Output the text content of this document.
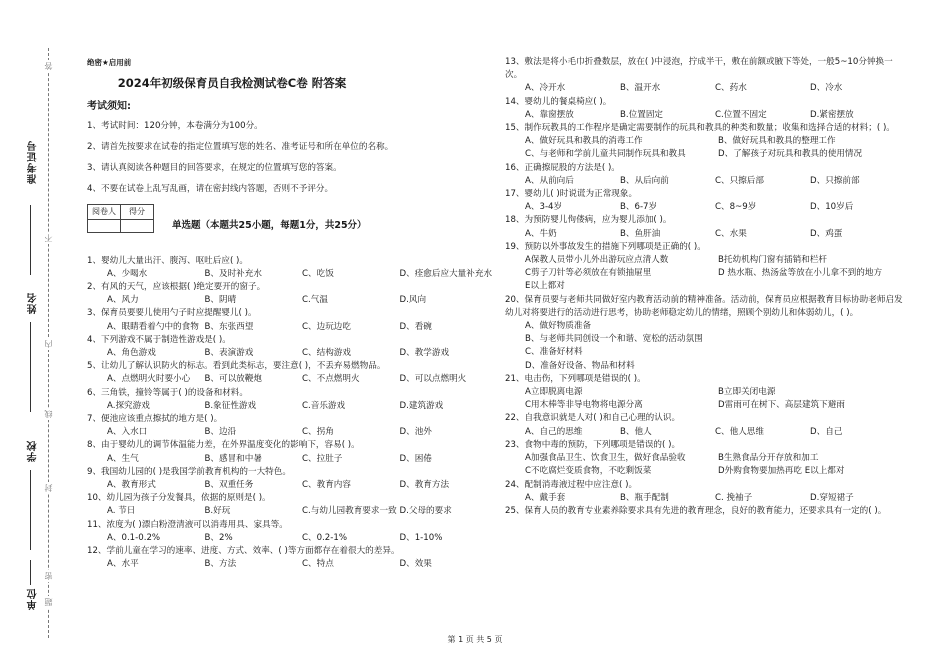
准考证号
姓名
学校
单位
答
不
内
线
封
密
题
绝密★启用前
2024年初级保育员自我检测试卷C卷 附答案
考试须知:

1、考试时间：120分钟，本卷满分为100分。

2、请首先按要求在试卷的指定位置填写您的姓名、准考证号和所在单位的名称。

3、请认真阅读各种题目的回答要求，在规定的位置填写您的答案。

4、不要在试卷上乱写乱画，请在密封线内答题，否则不予评分。

阅卷人	得分

单选题（本题共25小题，每题1分，共25分）

1、婴幼儿大量出汗、腹泻、呕吐后应( )。

A、少喝水	B、及时补充水	C、吃饭	D、痊愈后应大量补充水

2、有风的天气，应该根据( )绝定要开的窗子。

A、风力	B、阴晴	C.气温	D.风向

3、保育员要要儿使用勺子时应提醒婴儿( )。

A、眼睛看着勺中的食物 B、东张西望	C、边玩边吃	D、看碗

4、下列游戏不属于制造性游戏是( )。

A、角色游戏	B、表演游戏	C、结构游戏	D、教学游戏

5、让幼儿了解认识防火的标志。看到此类标志，要注意( )，不丢弃易燃物品。

A、点燃明火时要小心	B、可以放鞭炮	C、不点燃明火	D、可以点燃明火

6、三角铁，撞铃等属于( )的设备和材料。

A.探究游戏	B.象征性游戏	C.音乐游戏	D.建筑游戏

7、便池应该重点擦拭的地方是( )。

A、入水口	B、边沿	C、拐角	D、池外

8、由于婴幼儿的调节体温能力差，在外界温度变化的影响下，容易( )。

A、生气	B、感冒和中暑	C、拉肚子	D、困倦

9、我国幼儿园的( )是我国学前教育机构的一大特色。

A、教育形式	B、双重任务	C、教育内容	D、教育方法

10、幼儿园为孩子分发餐具，依据的原则是( )。

A. 节日	B.好玩	C.与幼儿园教育要求一致 D.父母的要求

11、浓度为( )漂白粉澄清液可以消毒用具、家具等。

A、0.1-0.2%	B、2%	C、0.2-1%	D、1-10%

12、学前儿童在学习的速率、进度、方式、效率、( )等方面都存在着很大的差异。

A、水平	B、方法	C、特点	D、效果

13、敷法是将小毛巾折叠数层，放在( )中浸泡，拧成半干，敷在前额或腋下等处，一般5~10分钟换一次。

A、冷开水	B、温开水	C、药水	D、冷水

14、婴幼儿的餐桌椅应( )。

A、靠窗摆放	B.位置固定	C.位置不固定	D.紧密摆放

15、制作玩教具的工作程序是确定需要制作的玩具和教具的种类和数量；收集和选择合适的材料；( )。

A、做好玩具和教具的消毒工作	B、做好玩具和教具的整理工作
C、与老师和学前儿童共同制作玩具和教具	D、了解孩子对玩具和教具的使用情况

16、正确擦屁股的方法是( )。

A、从前向后	B、从后向前	C、只擦后部	D、只擦前部

17、婴幼儿( )时说谎为正常现象。

A、3-4岁	B、6-7岁	C、8~9岁	D、10岁后

18、为预防婴儿佝偻病，应为婴儿添加( )。

A、牛奶	B、鱼肝油	C、水果	D、鸡蛋

19、预防以外事故发生的措施下列哪项是正确的( )。

A保教人员带小儿外出游玩应点清人数	B托幼机构门窗有插销和栏杆
C剪子刀针等必须放在有锁抽屉里	D 热水瓶、热汤盆等放在小儿拿不到的地方
E以上都对

20、保育员要与老师共同做好室内教育活动前的精神准备。活动前，保育员应根据教育目标协助老师启发幼儿对将要进行的活动进行思考，协助老师稳定幼儿的情绪，照顾个别幼儿和体弱幼儿，( )。

A、做好物质准备
B、与老师共同创设一个和谐、宽松的活动氛围
C、准备好材料
D、准备好设备、物品和材料

21、电击伤，下列哪项是错误的( )。

A立即脱离电源	B立即关闭电源
C用木棒等非导电物将电源分离	D雷雨可在树下、高层建筑下避雨

22、自我意识就是人对( )和自己心理的认识。

A、自己的思维	B、他人	C、他人思维	D、自己

23、食物中毒的预防，下列哪项是错误的( )。

A加强食品卫生、饮食卫生，做好食品验收	B生熟食品分开存放和加工
C不吃腐烂变质食物，不吃剩饭菜	D外购食物要加热再吃 E以上都对

24、配制消毒液过程中应注意( )。

A、戴手套	B、瓶手配制	C. 挽袖子	D.穿短裙子

25、保育人员的教育专业素养除要求具有先进的教育理念，良好的教育能力，还要求具有一定的( )。

第 1 页 共 5 页
